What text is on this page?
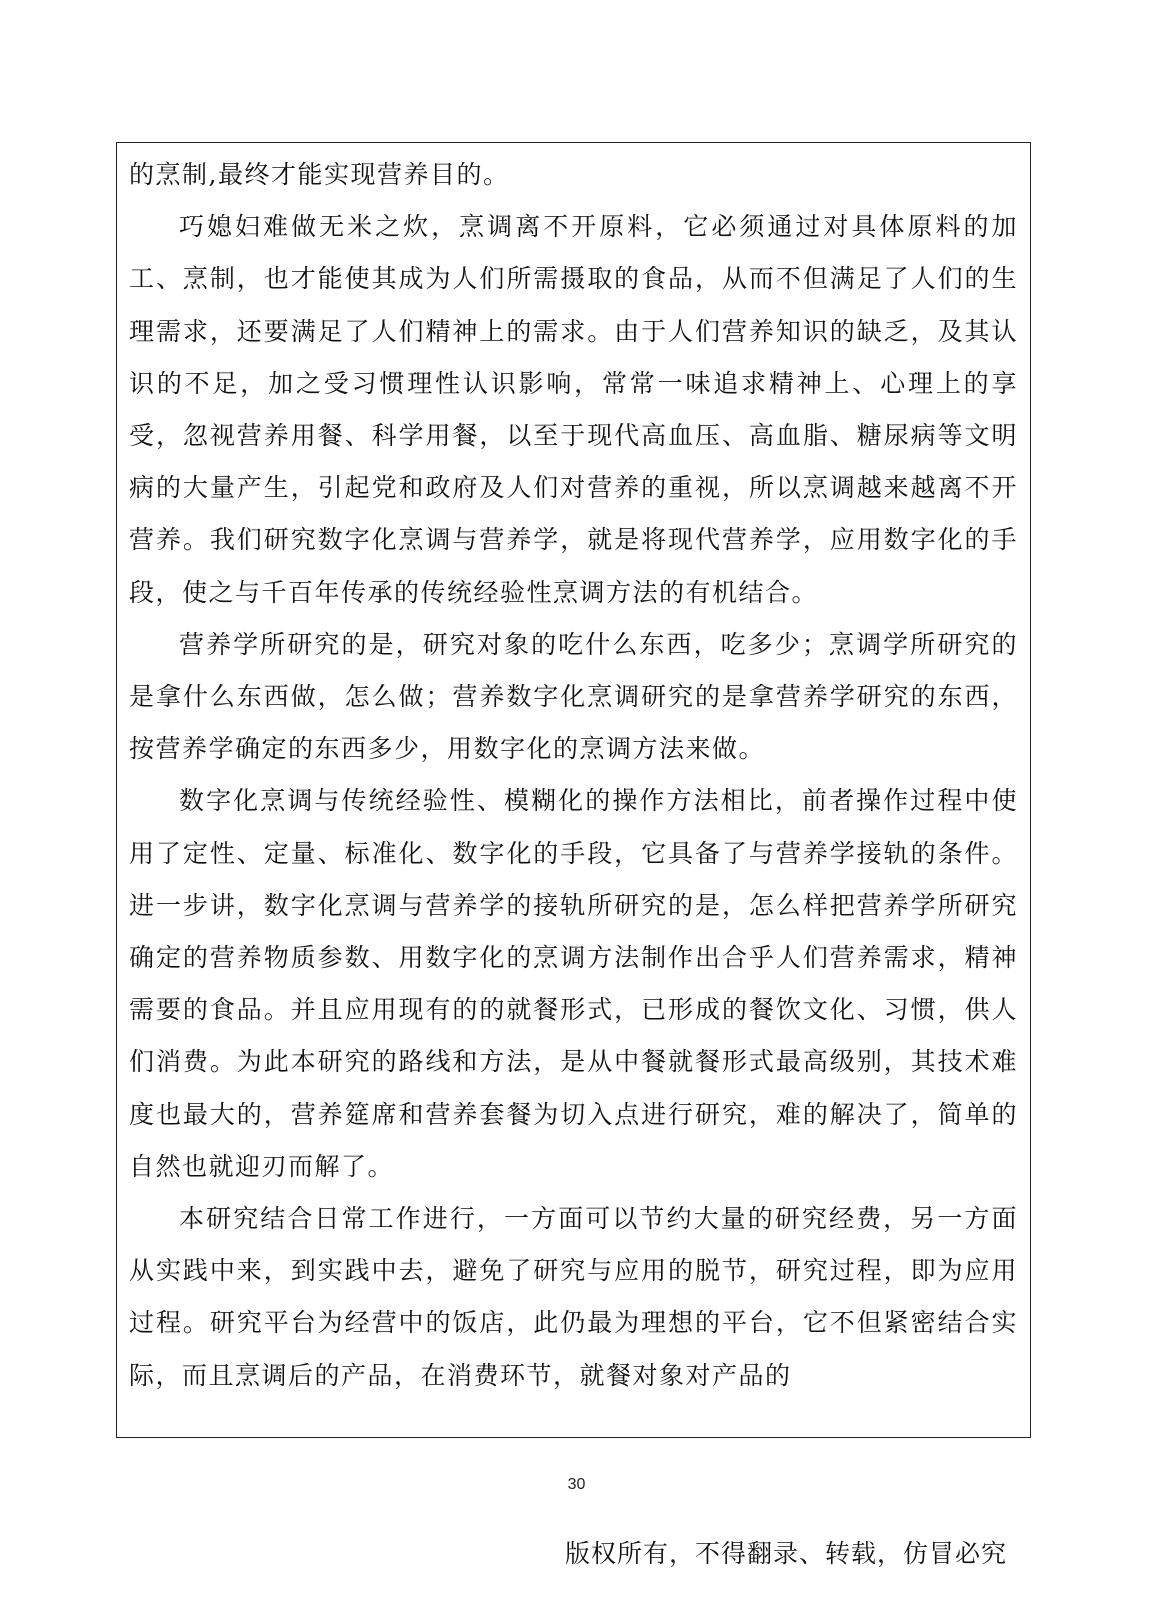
的烹制,最终才能实现营养目的。

巧媳妇难做无米之炊，烹调离不开原料，它必须通过对具体原料的加工、烹制，也才能使其成为人们所需摄取的食品，从而不但满足了人们的生理需求，还要满足了人们精神上的需求。由于人们营养知识的缺乏，及其认识的不足，加之受习惯理性认识影响，常常一味追求精神上、心理上的享受，忽视营养用餐、科学用餐，以至于现代高血压、高血脂、糖尿病等文明病的大量产生，引起党和政府及人们对营养的重视，所以烹调越来越离不开营养。我们研究数字化烹调与营养学，就是将现代营养学，应用数字化的手段，使之与千百年传承的传统经验性烹调方法的有机结合。

营养学所研究的是，研究对象的吃什么东西，吃多少；烹调学所研究的是拿什么东西做，怎么做；营养数字化烹调研究的是拿营养学研究的东西，按营养学确定的东西多少，用数字化的烹调方法来做。

数字化烹调与传统经验性、模糊化的操作方法相比，前者操作过程中使用了定性、定量、标准化、数字化的手段，它具备了与营养学接轨的条件。进一步讲，数字化烹调与营养学的接轨所研究的是，怎么样把营养学所研究确定的营养物质参数、用数字化的烹调方法制作出合乎人们营养需求，精神需要的食品。并且应用现有的的就餐形式，已形成的餐饮文化、习惯，供人们消费。为此本研究的路线和方法，是从中餐就餐形式最高级别，其技术难度也最大的，营养筵席和营养套餐为切入点进行研究，难的解决了，简单的自然也就迎刃而解了。

本研究结合日常工作进行，一方面可以节约大量的研究经费，另一方面从实践中来，到实践中去，避免了研究与应用的脱节，研究过程，即为应用过程。研究平台为经营中的饭店，此仍最为理想的平台，它不但紧密结合实际，而且烹调后的产品，在消费环节，就餐对象对产品的

30
版权所有，不得翻录、转载，仿冒必究
